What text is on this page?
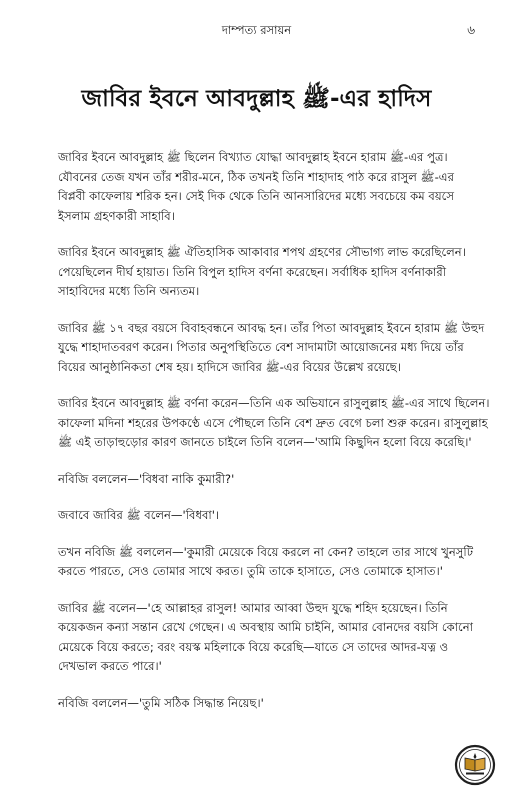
দাম্পত্য রসায়ন	৬
জাবির ইবনে আবদুল্লাহ ﷺ-এর হাদিস
জাবির ইবনে আবদুল্লাহ ﷺ ছিলেন বিখ্যাত যোদ্ধা আবদুল্লাহ ইবনে হারাম ﷺ-এর পুত্র।
যৌবনের তেজ যখন তাঁর শরীর-মনে, ঠিক তখনই তিনি শাহাদাহ পাঠ করে রাসুল ﷺ-এর
বিপ্লবী কাফেলায় শরিক হন। সেই দিক থেকে তিনি আনসারিদের মধ্যে সবচেয়ে কম বয়সে
ইসলাম গ্রহণকারী সাহাবি।
জাবির ইবনে আবদুল্লাহ ﷺ ঐতিহাসিক আকাবার শপথ গ্রহণের সৌভাগ্য লাভ করেছিলেন।
পেয়েছিলেন দীর্ঘ হায়াত। তিনি বিপুল হাদিস বর্ণনা করেছেন। সর্বাধিক হাদিস বর্ণনাকারী
সাহাবিদের মধ্যে তিনি অন্যতম।
জাবির ﷺ ১৭ বছর বয়সে বিবাহবন্ধনে আবদ্ধ হন। তাঁর পিতা আবদুল্লাহ ইবনে হারাম ﷺ উহুদ
যুদ্ধে শাহাদাতবরণ করেন। পিতার অনুপস্থিতিতে বেশ সাদামাটা আয়োজনের মধ্য দিয়ে তাঁর
বিয়ের আনুষ্ঠানিকতা শেষ হয়। হাদিসে জাবির ﷺ-এর বিয়ের উল্লেখ রয়েছে।
জাবির ইবনে আবদুল্লাহ ﷺ বর্ণনা করেন—তিনি এক অভিযানে রাসুলুল্লাহ ﷺ-এর সাথে ছিলেন।
কাফেলা মদিনা শহরের উপকণ্ঠে এসে পৌছলে তিনি বেশ দ্রুত বেগে চলা শুরু করেন। রাসুলুল্লাহ
ﷺ এই তাড়াহুড়োর কারণ জানতে চাইলে তিনি বলেন—'আমি কিছুদিন হলো বিয়ে করেছি।'
নবিজি বললেন—'বিধবা নাকি কুমারী?'
জবাবে জাবির ﷺ বলেন—'বিধবা'।
তখন নবিজি ﷺ বললেন—'কুমারী মেয়েকে বিয়ে করলে না কেন? তাহলে তার সাথে খুনসুটি
করতে পারতে, সেও তোমার সাথে করত। তুমি তাকে হাসাতে, সেও তোমাকে হাসাত।'
জাবির ﷺ বলেন—'হে আল্লাহর রাসুল! আমার আব্বা উহুদ যুদ্ধে শহিদ হয়েছেন। তিনি
কয়েকজন কন্যা সন্তান রেখে গেছেন। এ অবস্থায় আমি চাইনি, আমার বোনদের বয়সি কোনো
মেয়েকে বিয়ে করতে; বরং বয়স্ক মহিলাকে বিয়ে করেছি—যাতে সে তাদের আদর-যত্ন ও
দেখভাল করতে পারে।'
নবিজি বললেন—'তুমি সঠিক সিদ্ধান্ত নিয়েছ।'
